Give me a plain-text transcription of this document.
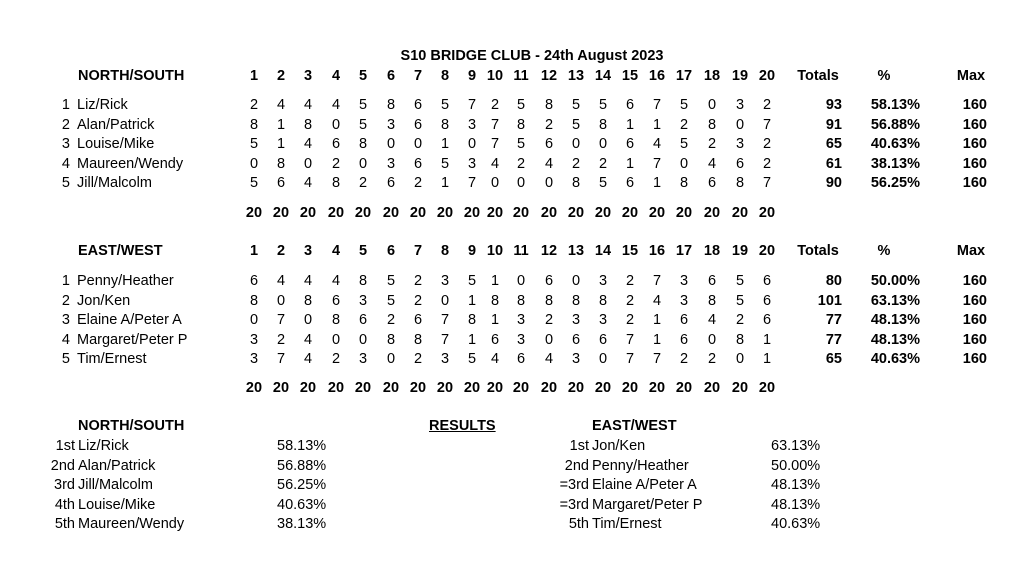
S10 BRIDGE CLUB - 24th August 2023
NORTH/SOUTH	1	2	3	4	5	6	7	8	9 10 11 12 13 14 15 16 17 18 19 20	Totals	%	Max
1 Liz/Rick	2	4	4	4	5	8	6	5	7	2	5	8	5	5	6	7	5	0	3	2	93	58.13%	160
2 Alan/Patrick	8	1	8	0	5	3	6	8	3	7	8	2	5	8	1	1	2	8	0	7	91	56.88%	160
3 Louise/Mike	5	1	4	6	8	0	0	1	0	7	5	6	0	0	6	4	5	2	3	2	65	40.63%	160
4 Maureen/Wendy	0	8	0	2	0	3	6	5	3	4	2	4	2	2	1	7	0	4	6	2	61	38.13%	160
5 Jill/Malcolm	5	6	4	8	2	6	2	1	7	0	0	0	8	5	6	1	8	6	8	7	90	56.25%	160
20 20 20 20 20 20 20 20 20 20 20 20 20 20 20 20 20 20 20 20
EAST/WEST	1	2	3	4	5	6	7	8	9 10 11 12 13 14 15 16 17 18 19 20	Totals	%	Max
1 Penny/Heather	6	4	4	4	8	5	2	3	5	1	0	6	0	3	2	7	3	6	5	6	80	50.00%	160
2 Jon/Ken	8	0	8	6	3	5	2	0	1	8	8	8	8	8	2	4	3	8	5	6	101	63.13%	160
3 Elaine A/Peter A	0	7	0	8	6	2	6	7	8	1	3	2	3	3	2	1	6	4	2	6	77	48.13%	160
4 Margaret/Peter P	3	2	4	0	0	8	8	7	1	6	3	0	6	6	7	1	6	0	8	1	77	48.13%	160
5 Tim/Ernest	3	7	4	2	3	0	2	3	5	4	6	4	3	0	7	7	2	2	0	1	65	40.63%	160
20 20 20 20 20 20 20 20 20 20 20 20 20 20 20 20 20 20 20 20
NORTH/SOUTH	RESULTS	EAST/WEST
1st Liz/Rick	58.13%
2nd Alan/Patrick	56.88%
3rd Jill/Malcolm	56.25%
4th Louise/Mike	40.63%
5th Maureen/Wendy	38.13%
1st Jon/Ken	63.13%
2nd Penny/Heather	50.00%
=3rd Elaine A/Peter A	48.13%
=3rd Margaret/Peter P	48.13%
5th Tim/Ernest	40.63%
